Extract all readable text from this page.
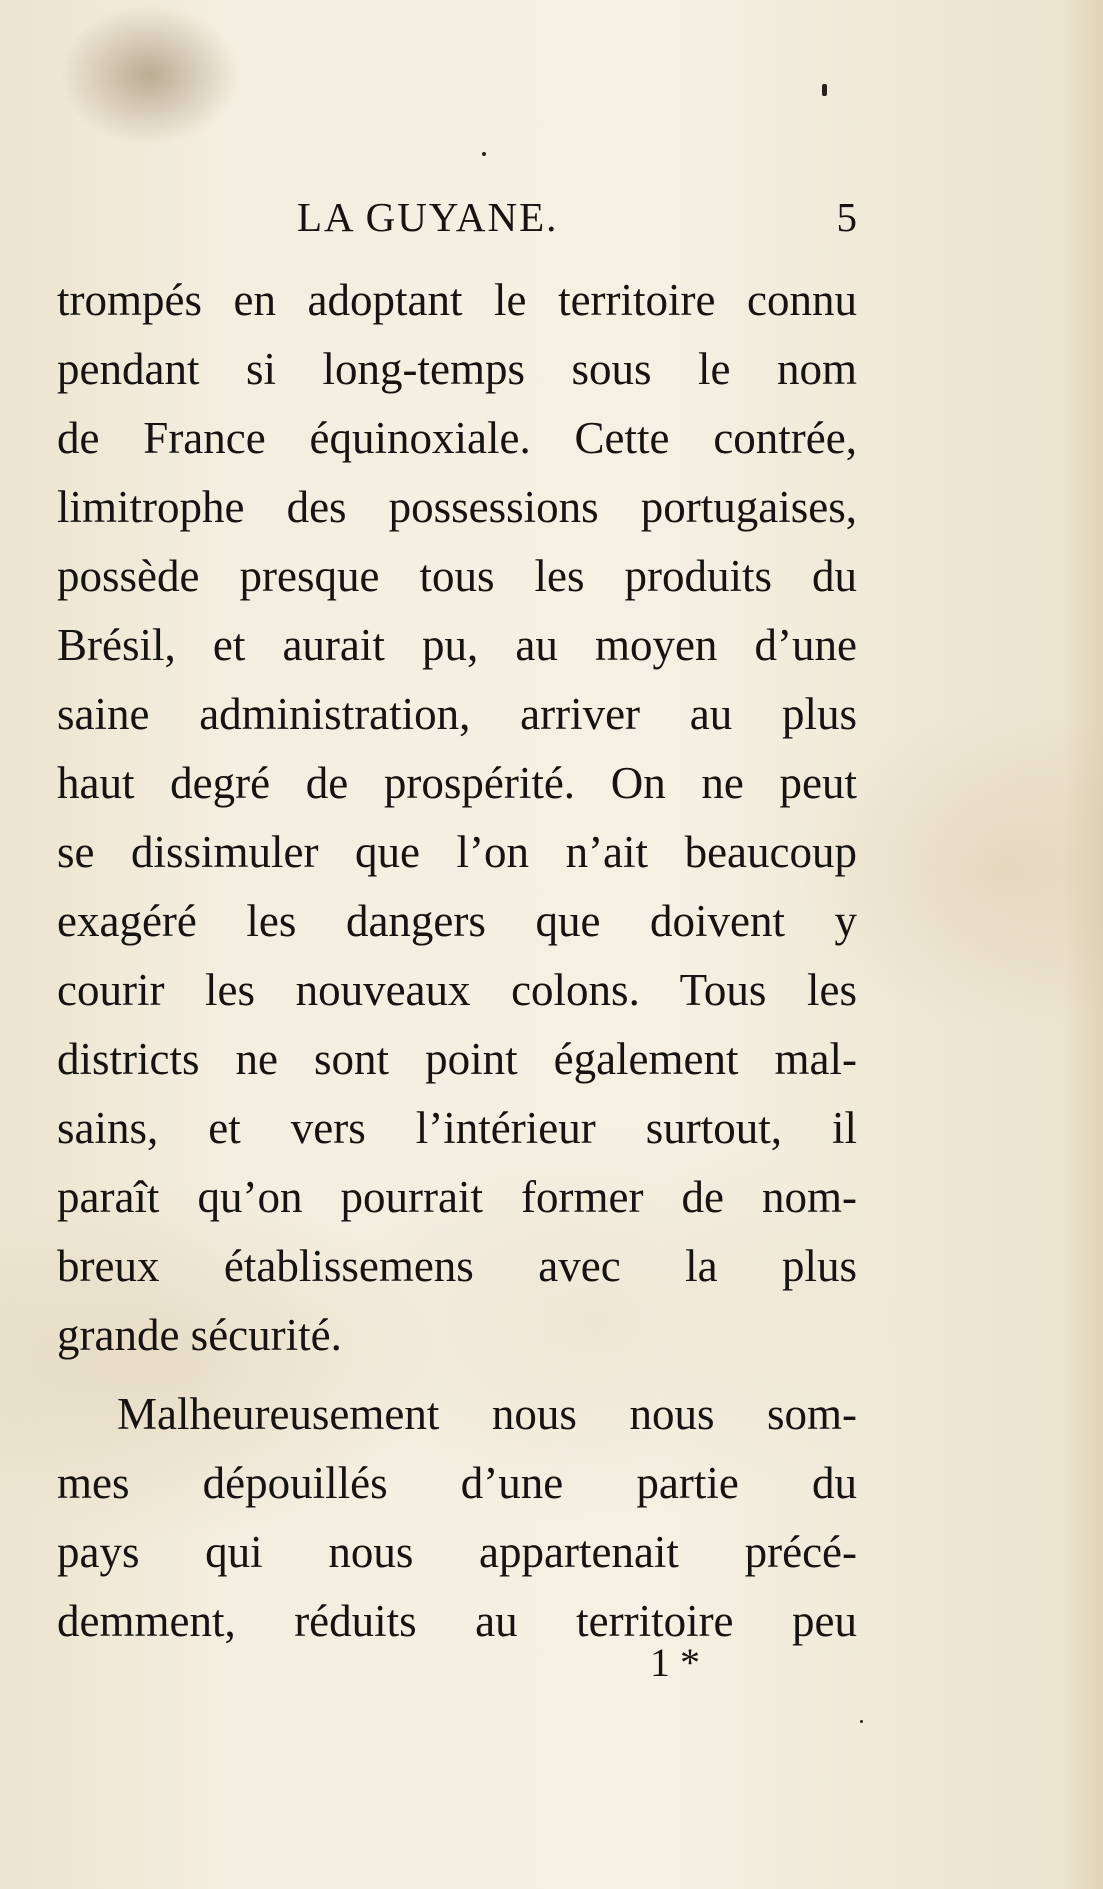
LA GUYANE.	5
trompés en adoptant le territoire connu
pendant si long-temps sous le nom
de France équinoxiale. Cette contrée,
limitrophe des possessions portugaises,
possède presque tous les produits du
Brésil, et aurait pu, au moyen d’une
saine administration, arriver au plus
haut degré de prospérité. On ne peut
se dissimuler que l’on n’ait beaucoup
exagéré les dangers que doivent y
courir les nouveaux colons. Tous les
districts ne sont point également mal-
sains, et vers l’intérieur surtout, il
paraît qu’on pourrait former de nom-
breux établissemens avec la plus
grande sécurité.
Malheureusement nous nous som-
mes dépouillés d’une partie du
pays qui nous appartenait précé-
demment, réduits au territoire peu
1 *
